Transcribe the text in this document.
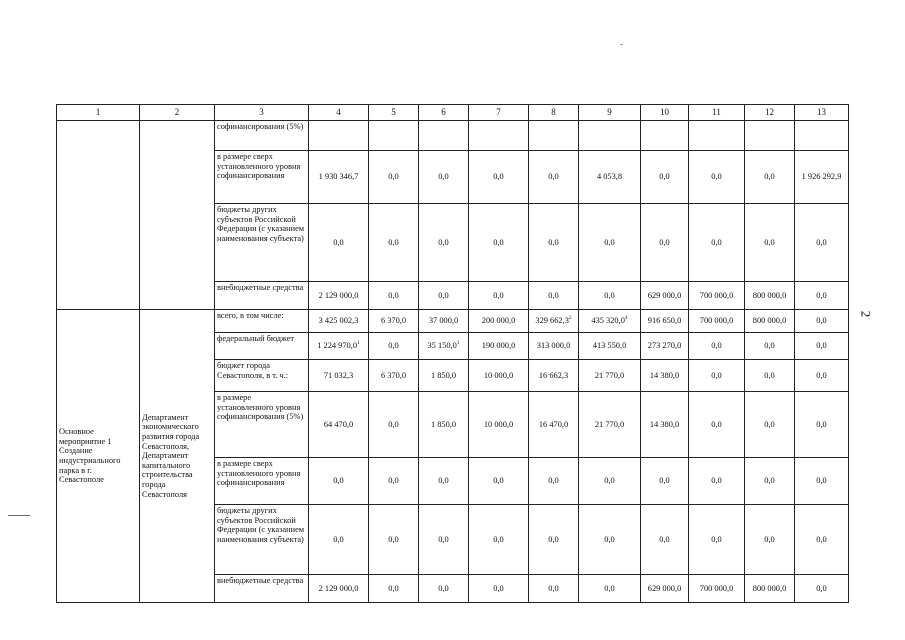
2
1	2	3	4	5	6	7	8	9	10	11	12	13
		софинансирования (5%)										
		в размере сверх установленного уровня софинансирования	1 930 346,7	0,0	0,0	0,0	0,0	4 053,8	0,0	0,0	0,0	1 926 292,9
		бюджеты других субъектов Российской Федерации (с указанием наименования субъекта)	0,0	0,0	0,0	0,0	0,0	0,0	0,0	0,0	0,0	0,0
		внебюджетные средства	2 129 000,0	0,0	0,0	0,0	0,0	0,0	629 000,0	700 000,0	800 000,0	0,0
Основное мероприятие 1 Создание индустриального парка в г. Севастополе	Департамент экономического развития города Севастополя, Департамент капитального строительства города Севастополя	всего, в том числе:	3 425 002,3	6 370,0	37 000,0	200 000,0	329 662,3$^2$	435 320,0$^4$	916 650,0	700 000,0	800 000,0	0,0
		федеральный бюджет	1 224 970,0$^1$	0,0	35 150,0$^1$	190 000,0	313 000,0	413 550,0	273 270,0	0,0	0,0	0,0
		бюджет города Севастополя, в т. ч.:	71 032,3	6 370,0	1 850,0	10 000,0	16 662,3	21 770,0	14 380,0	0,0	0,0	0,0
		в размере установленного уровня софинансирования (5%)	64 470,0	0,0	1 850,0	10 000,0	16 470,0	21 770,0	14 380,0	0,0	0,0	0,0
		в размере сверх установленного уровня софинансирования	0,0	0,0	0,0	0,0	0,0	0,0	0,0	0,0	0,0	0,0
		бюджеты других субъектов Российской Федерации (с указанием наименования субъекта)	0,0	0,0	0,0	0,0	0,0	0,0	0,0	0,0	0,0	0,0
		внебюджетные средства	2 129 000,0	0,0	0,0	0,0	0,0	0,0	629 000,0	700 000,0	800 000,0	0,0
